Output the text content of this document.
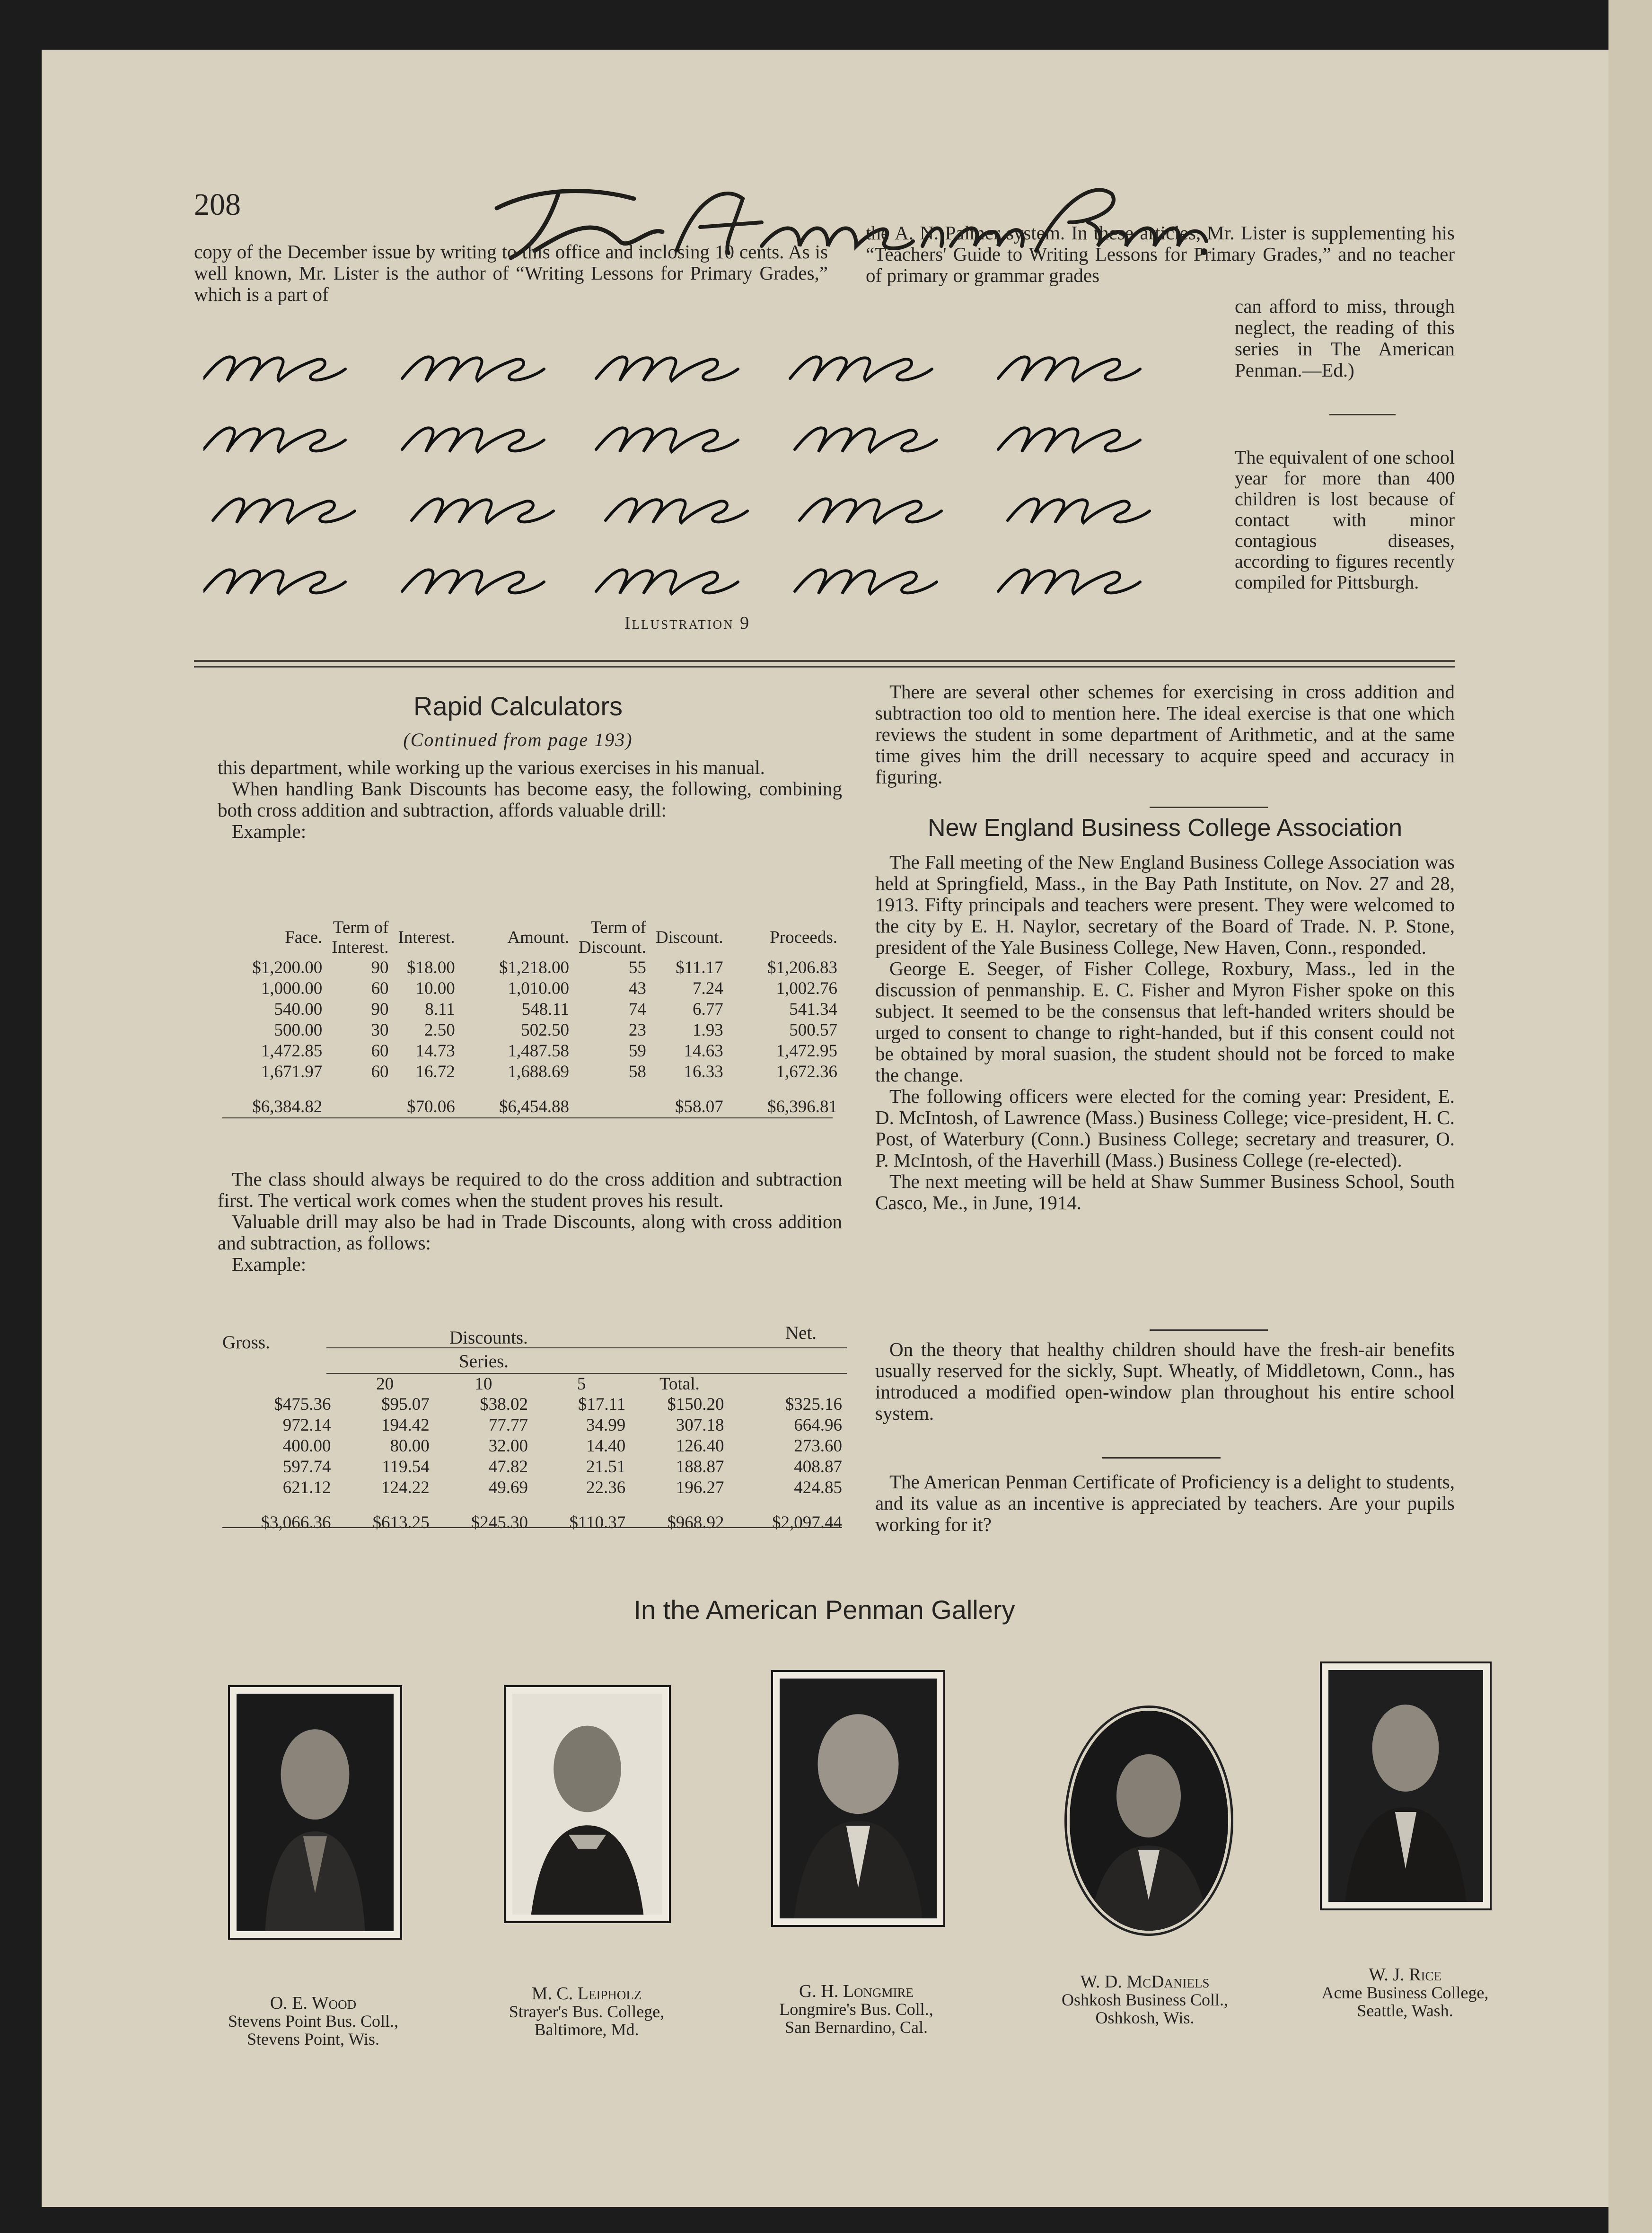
208

copy of the December issue by writing to this office and inclosing 10 cents. As is well known, Mr. Lister is the author of “Writing Lessons for Primary Grades,” which is a part of

the A. N. Palmer system. In these articles, Mr. Lister is supplementing his “Teachers' Guide to Writing Lessons for Primary Grades,” and no teacher of primary or grammar grades

can afford to miss, through neglect, the reading of this series in The American Penman.—Ed.)

Illustration 9

The equivalent of one school year for more than 400 children is lost because of contact with minor contagious diseases, according to figures recently compiled for Pittsburgh.

Rapid Calculators
(Continued from page 193)

this department, while working up the various exercises in his manual.

When handling Bank Discounts has become easy, the following, combining both cross addition and subtraction, affords valuable drill:

Example:

Face.	Term of Interest.	Interest.	Amount.	Term of Discount.	Discount.	Proceeds.
$1,200.00	90	$18.00	$1,218.00	55	$11.17	$1,206.83
1,000.00	60	10.00	1,010.00	43	7.24	1,002.76
540.00	90	8.11	548.11	74	6.77	541.34
500.00	30	2.50	502.50	23	1.93	500.57
1,472.85	60	14.73	1,487.58	59	14.63	1,472.95
1,671.97	60	16.72	1,688.69	58	16.33	1,672.36
$6,384.82		$70.06	$6,454.88		$58.07	$6,396.81

The class should always be required to do the cross addition and subtraction first. The vertical work comes when the student proves his result.

Valuable drill may also be had in Trade Discounts, along with cross addition and subtraction, as follows:

Example:

Gross.	Discounts.	Net.
Series.
	20	10	5	Total.	
$475.36	$95.07	$38.02	$17.11	$150.20	$325.16
972.14	194.42	77.77	34.99	307.18	664.96
400.00	80.00	32.00	14.40	126.40	273.60
597.74	119.54	47.82	21.51	188.87	408.87
621.12	124.22	49.69	22.36	196.27	424.85
$3,066.36	$613.25	$245.30	$110.37	$968.92	$2,097.44

There are several other schemes for exercising in cross addition and subtraction too old to mention here. The ideal exercise is that one which reviews the student in some department of Arithmetic, and at the same time gives him the drill necessary to acquire speed and accuracy in figuring.

New England Business College Association

The Fall meeting of the New England Business College Association was held at Springfield, Mass., in the Bay Path Institute, on Nov. 27 and 28, 1913. Fifty principals and teachers were present. They were welcomed to the city by E. H. Naylor, secretary of the Board of Trade. N. P. Stone, president of the Yale Business College, New Haven, Conn., responded.

George E. Seeger, of Fisher College, Roxbury, Mass., led in the discussion of penmanship. E. C. Fisher and Myron Fisher spoke on this subject. It seemed to be the consensus that left-handed writers should be urged to consent to change to right-handed, but if this consent could not be obtained by moral suasion, the student should not be forced to make the change.

The following officers were elected for the coming year: President, E. D. McIntosh, of Lawrence (Mass.) Business College; vice-president, H. C. Post, of Waterbury (Conn.) Business College; secretary and treasurer, O. P. McIntosh, of the Haverhill (Mass.) Business College (re-elected).

The next meeting will be held at Shaw Summer Business School, South Casco, Me., in June, 1914.

On the theory that healthy children should have the fresh-air benefits usually reserved for the sickly, Supt. Wheatly, of Middletown, Conn., has introduced a modified open-window plan throughout his entire school system.

The American Penman Certificate of Proficiency is a delight to students, and its value as an incentive is appreciated by teachers. Are your pupils working for it?

In the American Penman Gallery
O. E. Wood
Stevens Point Bus. Coll.,
Stevens Point, Wis.
M. C. Leipholz
Strayer's Bus. College,
Baltimore, Md.
G. H. Longmire
Longmire's Bus. Coll.,
San Bernardino, Cal.
W. D. McDaniels
Oshkosh Business Coll.,
Oshkosh, Wis.
W. J. Rice
Acme Business College,
Seattle, Wash.
